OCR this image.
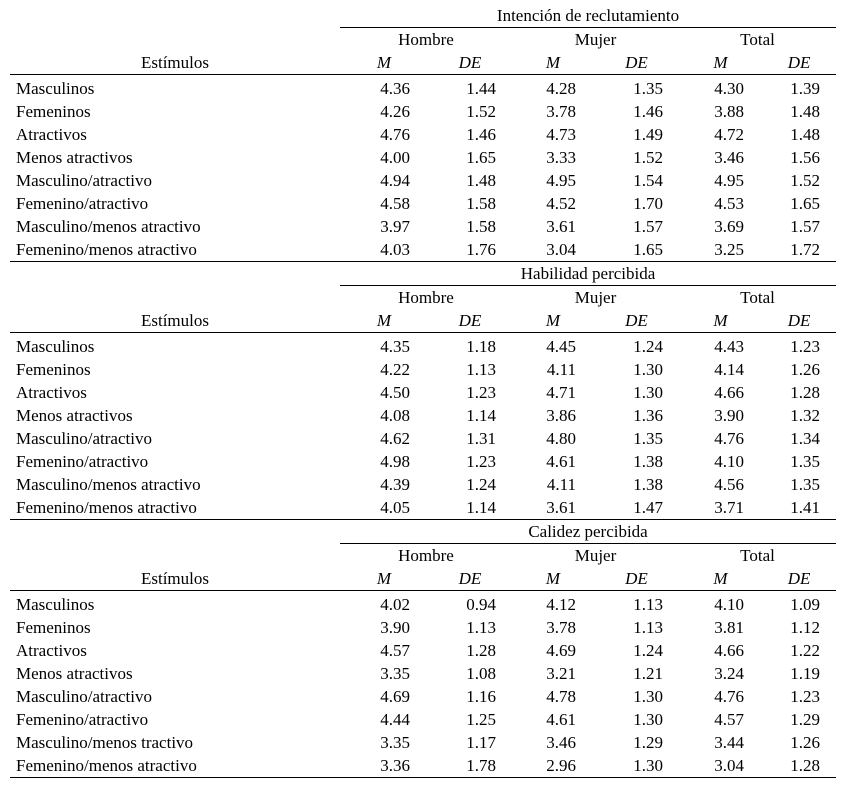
	Intención de reclutamiento					
	Hombre		Mujer		Total	
Estímulos	M	DE	M	DE	M	DE
Masculinos	4.36	1.44	4.28	1.35	4.30	1.39
Femeninos	4.26	1.52	3.78	1.46	3.88	1.48
Atractivos	4.76	1.46	4.73	1.49	4.72	1.48
Menos atractivos	4.00	1.65	3.33	1.52	3.46	1.56
Masculino/atractivo	4.94	1.48	4.95	1.54	4.95	1.52
Femenino/atractivo	4.58	1.58	4.52	1.70	4.53	1.65
Masculino/menos atractivo	3.97	1.58	3.61	1.57	3.69	1.57
Femenino/menos atractivo	4.03	1.76	3.04	1.65	3.25	1.72
	Habilidad percibida					
	Hombre		Mujer		Total	
Estímulos	M	DE	M	DE	M	DE
Masculinos	4.35	1.18	4.45	1.24	4.43	1.23
Femeninos	4.22	1.13	4.11	1.30	4.14	1.26
Atractivos	4.50	1.23	4.71	1.30	4.66	1.28
Menos atractivos	4.08	1.14	3.86	1.36	3.90	1.32
Masculino/atractivo	4.62	1.31	4.80	1.35	4.76	1.34
Femenino/atractivo	4.98	1.23	4.61	1.38	4.10	1.35
Masculino/menos atractivo	4.39	1.24	4.11	1.38	4.56	1.35
Femenino/menos atractivo	4.05	1.14	3.61	1.47	3.71	1.41
	Calidez percibida					
	Hombre		Mujer		Total	
Estímulos	M	DE	M	DE	M	DE
Masculinos	4.02	0.94	4.12	1.13	4.10	1.09
Femeninos	3.90	1.13	3.78	1.13	3.81	1.12
Atractivos	4.57	1.28	4.69	1.24	4.66	1.22
Menos atractivos	3.35	1.08	3.21	1.21	3.24	1.19
Masculino/atractivo	4.69	1.16	4.78	1.30	4.76	1.23
Femenino/atractivo	4.44	1.25	4.61	1.30	4.57	1.29
Masculino/menos tractivo	3.35	1.17	3.46	1.29	3.44	1.26
Femenino/menos atractivo	3.36	1.78	2.96	1.30	3.04	1.28
